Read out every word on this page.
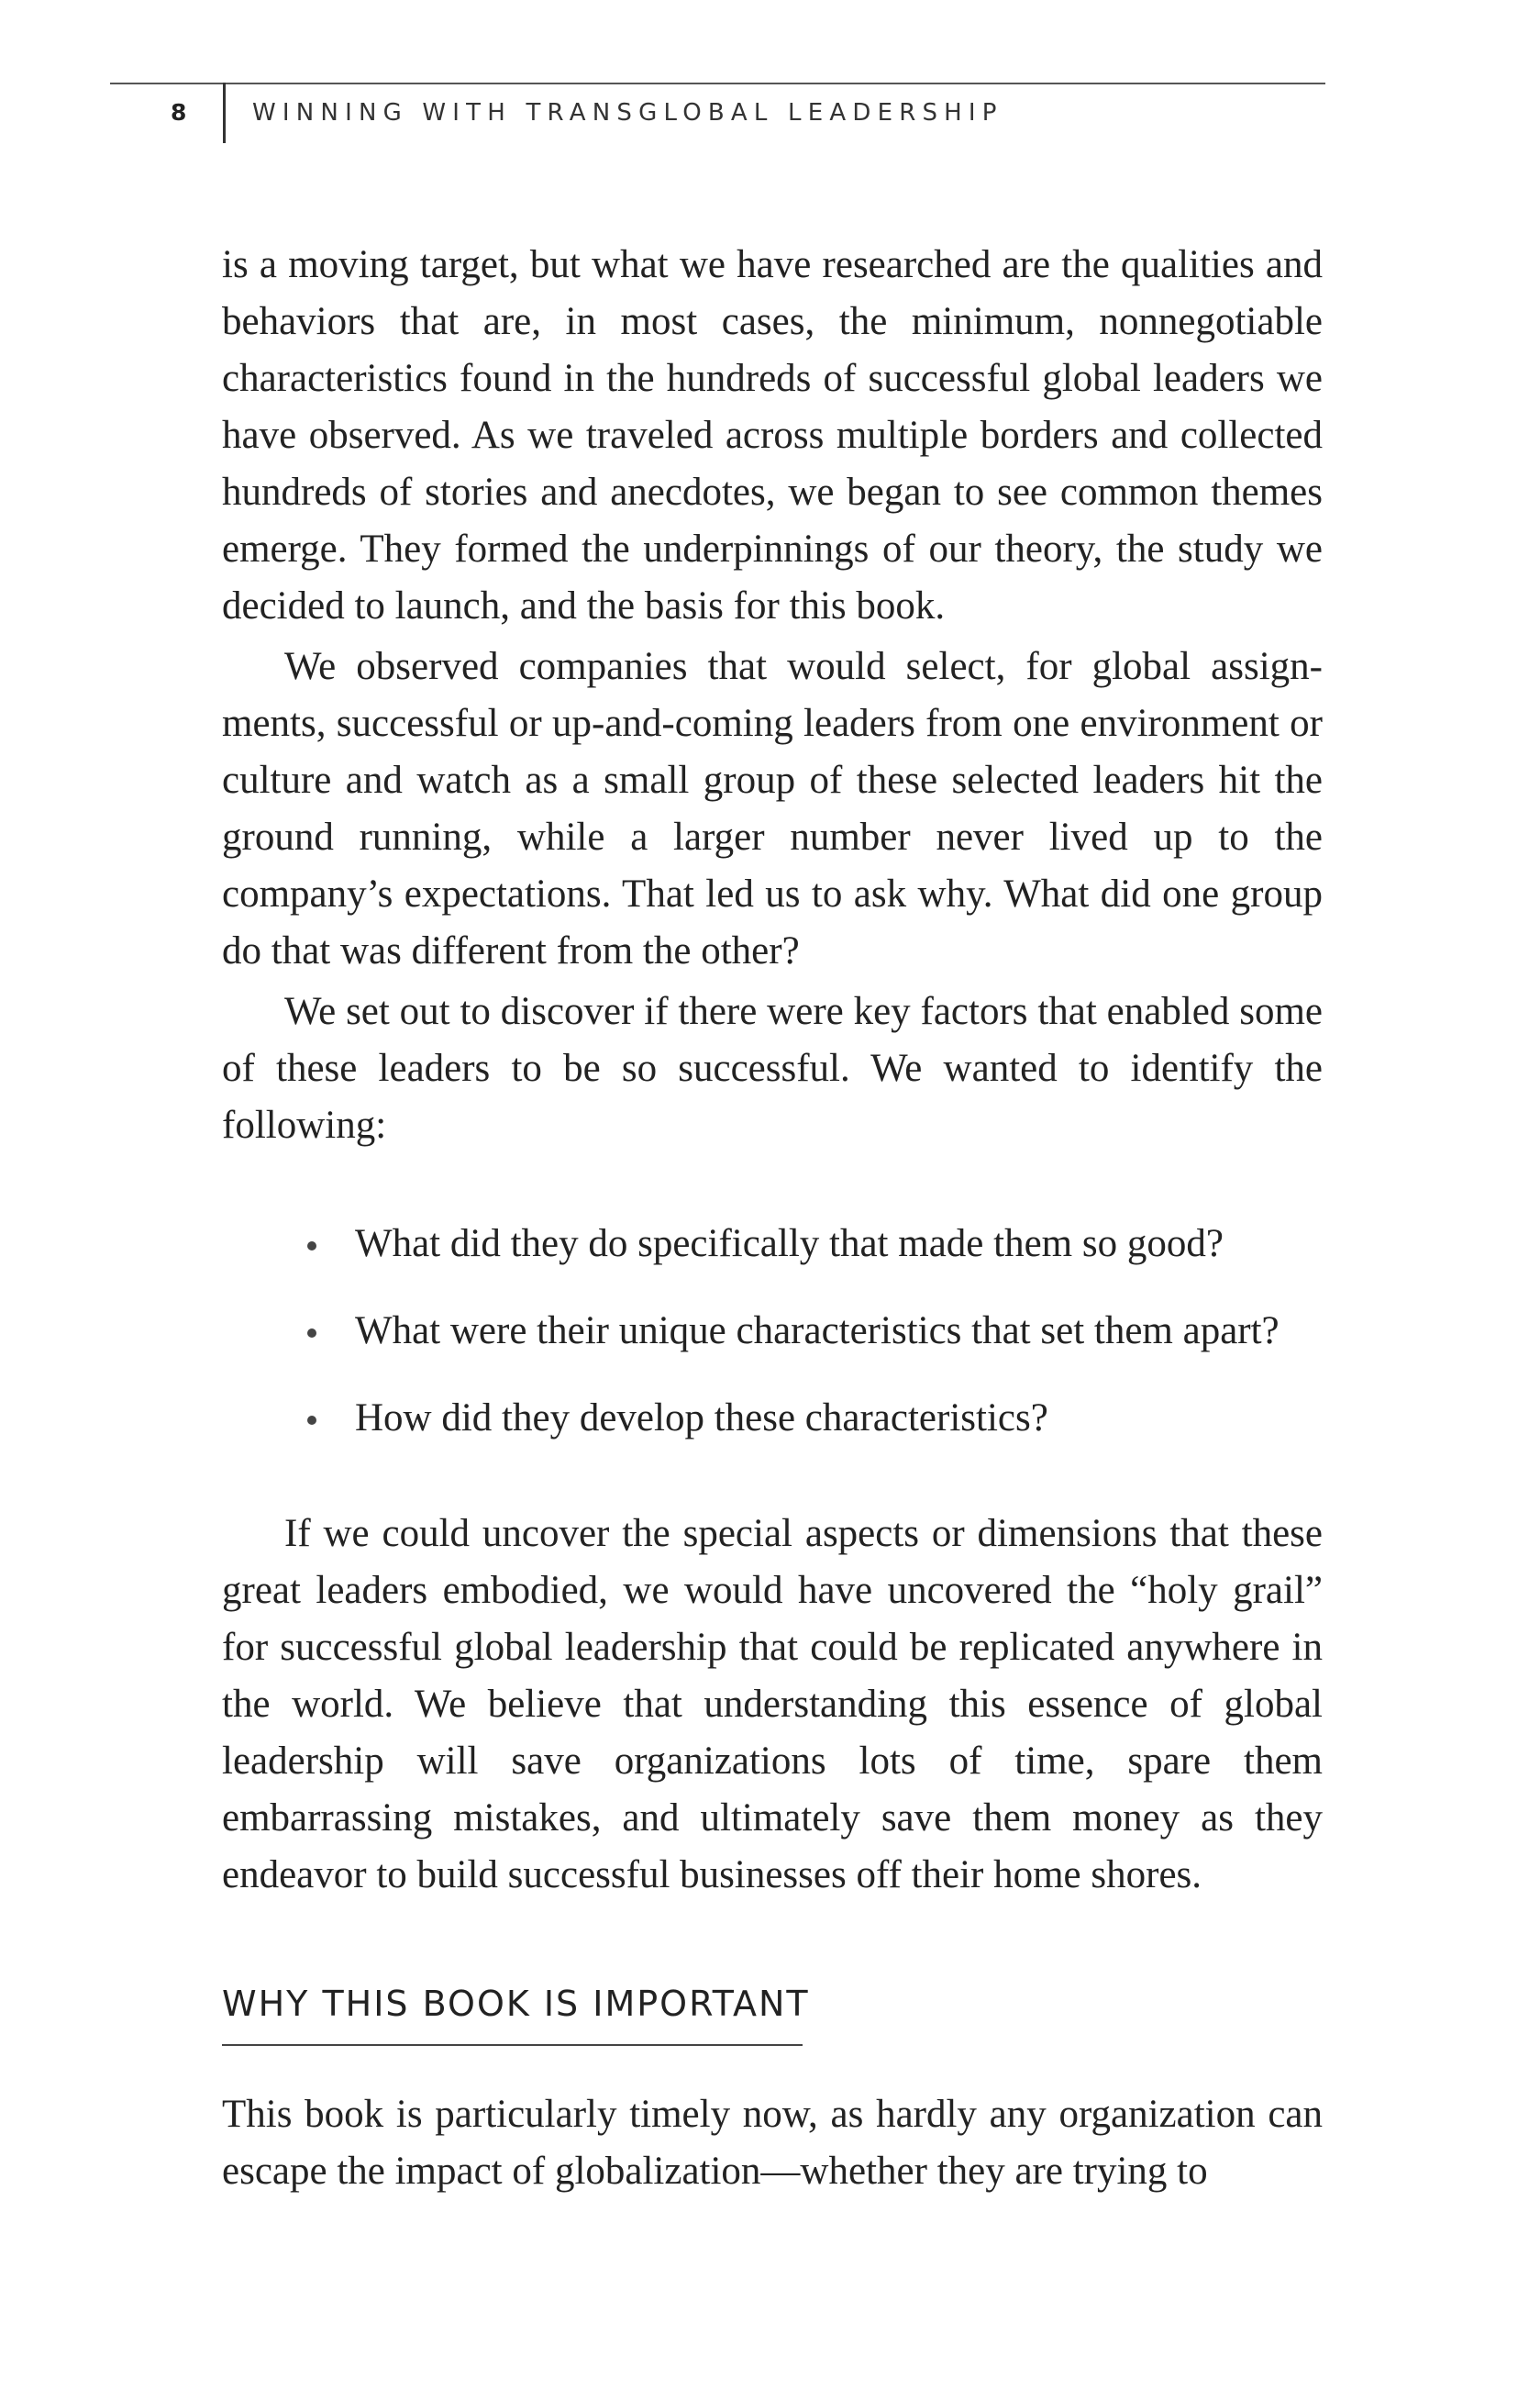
8	WINNING WITH TRANSGLOBAL LEADERSHIP

is a moving target, but what we have researched are the qualities and behaviors that are, in most cases, the minimum, nonnegotiable characteristics found in the hundreds of successful global leaders we have observed. As we traveled across multiple borders and collected hundreds of stories and anecdotes, we began to see common themes emerge. They formed the underpinnings of our theory, the study we decided to launch, and the basis for this book.

We observed companies that would select, for global assignments, successful or up-and-coming leaders from one environment or culture and watch as a small group of these selected leaders hit the ground running, while a larger number never lived up to the company’s expectations. That led us to ask why. What did one group do that was different from the other?

We set out to discover if there were key factors that enabled some of these leaders to be so successful. We wanted to identify the following:

What did they do specifically that made them so good?
What were their unique characteristics that set them apart?
How did they develop these characteristics?

If we could uncover the special aspects or dimensions that these great leaders embodied, we would have uncovered the “holy grail” for successful global leadership that could be replicated anywhere in the world. We believe that understanding this essence of global leadership will save organizations lots of time, spare them embarrassing mistakes, and ultimately save them money as they endeavor to build successful businesses off their home shores.

WHY THIS BOOK IS IMPORTANT

This book is particularly timely now, as hardly any organization can escape the impact of globalization—whether they are trying to
